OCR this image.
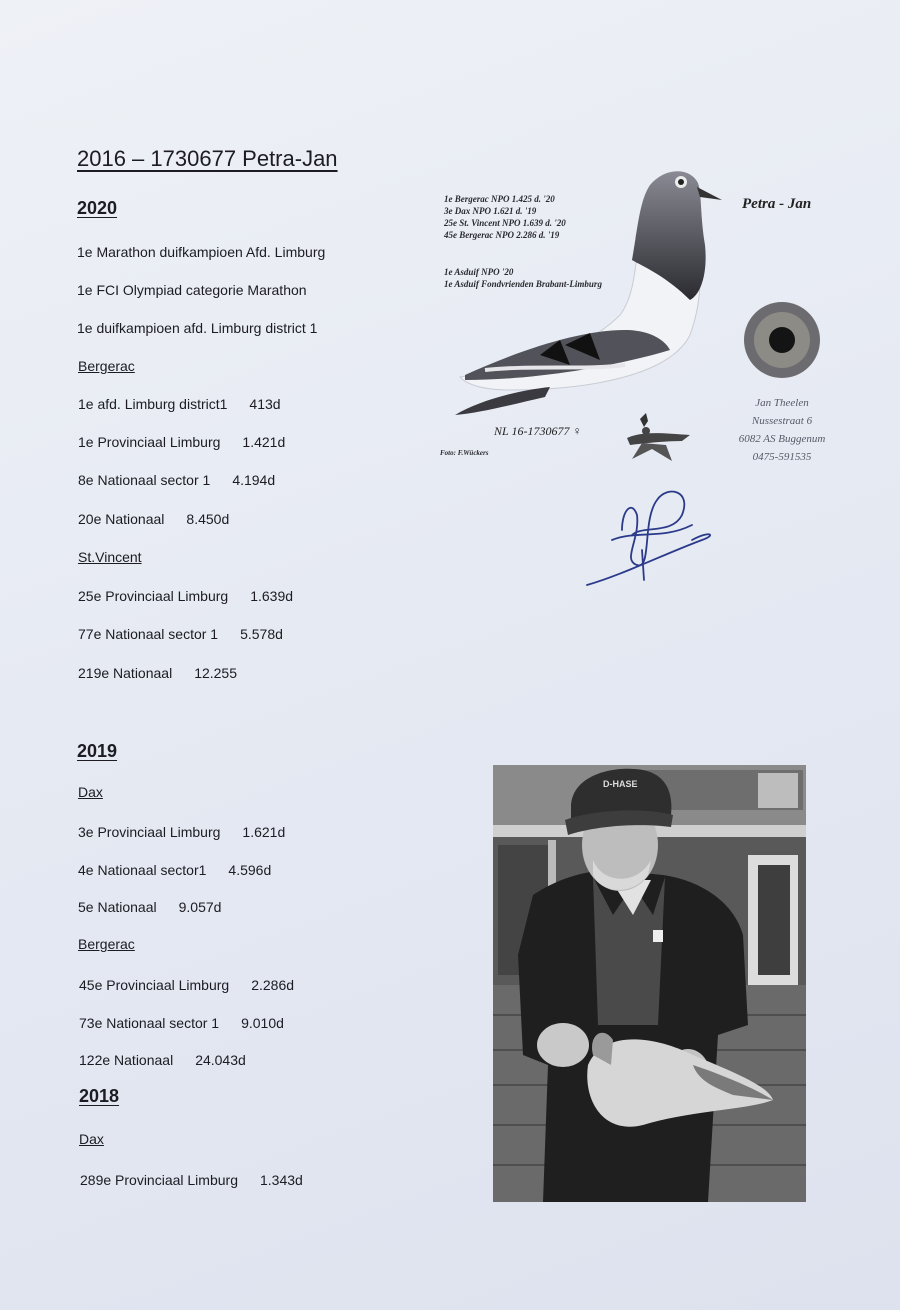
2016 – 1730677 Petra-Jan
2020
1e Marathon duifkampioen Afd. Limburg
1e FCI Olympiad categorie Marathon
1e duifkampioen afd. Limburg district 1
Bergerac
1e afd. Limburg district1 413d
1e Provinciaal Limburg 1.421d
8e Nationaal sector 1 4.194d
20e Nationaal 8.450d
St.Vincent
25e Provinciaal Limburg 1.639d
77e Nationaal sector 1 5.578d
219e Nationaal 12.255
2019
Dax
3e Provinciaal Limburg 1.621d
4e Nationaal sector1 4.596d
5e Nationaal 9.057d
Bergerac
45e Provinciaal Limburg 2.286d
73e Nationaal sector 1 9.010d
122e Nationaal 24.043d
2018
Dax
289e Provinciaal Limburg 1.343d
1e Bergerac NPO 1.425 d. '20
3e Dax NPO 1.621 d. '19
25e St. Vincent NPO 1.639 d. '20
45e Bergerac NPO 2.286 d. '19
1e Asduif NPO '20
1e Asduif Fondvrienden Brabant-Limburg
Petra - Jan
NL 16-1730677 ♀
Foto: F.Wückers
Jan Theelen
Nussestraat 6
6082 AS Buggenum
0475-591535
D-HASE
